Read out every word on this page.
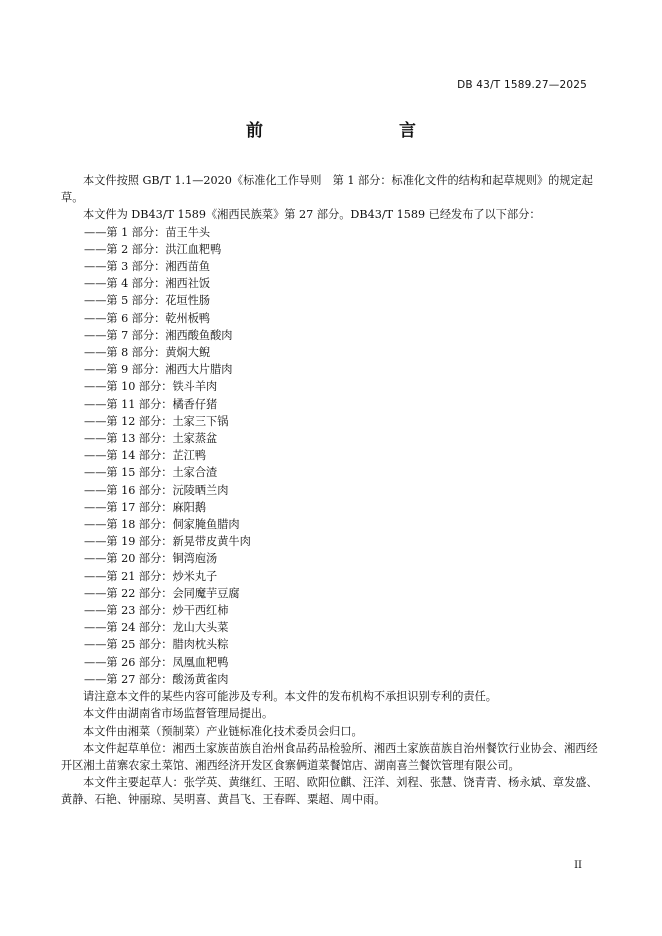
DB 43/T 1589.27—2025
前　　言

本文件按照 GB/T 1.1—2020《标准化工作导则　第 1 部分：标准化文件的结构和起草规则》的规定起草。

本文件为 DB43/T 1589《湘西民族菜》第 27 部分。DB43/T 1589 已经发布了以下部分：

——第 1 部分：苗王牛头
——第 2 部分：洪江血粑鸭
——第 3 部分：湘西苗鱼
——第 4 部分：湘西社饭
——第 5 部分：花垣性肠
——第 6 部分：乾州板鸭
——第 7 部分：湘西酸鱼酸肉
——第 8 部分：黄焖大鲵
——第 9 部分：湘西大片腊肉
——第 10 部分：铁斗羊肉
——第 11 部分：橘香仔猪
——第 12 部分：土家三下锅
——第 13 部分：土家蒸盆
——第 14 部分：芷江鸭
——第 15 部分：土家合渣
——第 16 部分：沅陵晒兰肉
——第 17 部分：麻阳鹅
——第 18 部分：侗家腌鱼腊肉
——第 19 部分：新晃带皮黄牛肉
——第 20 部分：铜湾庖汤
——第 21 部分：炒米丸子
——第 22 部分：会同魔芋豆腐
——第 23 部分：炒干西红柿
——第 24 部分：龙山大头菜
——第 25 部分：腊肉枕头粽
——第 26 部分：凤凰血粑鸭
——第 27 部分：酸汤黄雀肉

请注意本文件的某些内容可能涉及专利。本文件的发布机构不承担识别专利的责任。

本文件由湖南省市场监督管理局提出。

本文件由湘菜（预制菜）产业链标准化技术委员会归口。

本文件起草单位：湘西土家族苗族自治州食品药品检验所、湘西土家族苗族自治州餐饮行业协会、湘西经开区湘土苗寨农家土菜馆、湘西经济开发区食寨俩道菜餐馆店、湖南喜兰餐饮管理有限公司。

本文件主要起草人：张学英、黄继红、王昭、欧阳位麒、汪洋、刘程、张慧、饶青青、杨永斌、章发盛、黄静、石艳、钟丽琼、吴明喜、黄昌飞、王春晖、粟超、周中雨。

II
